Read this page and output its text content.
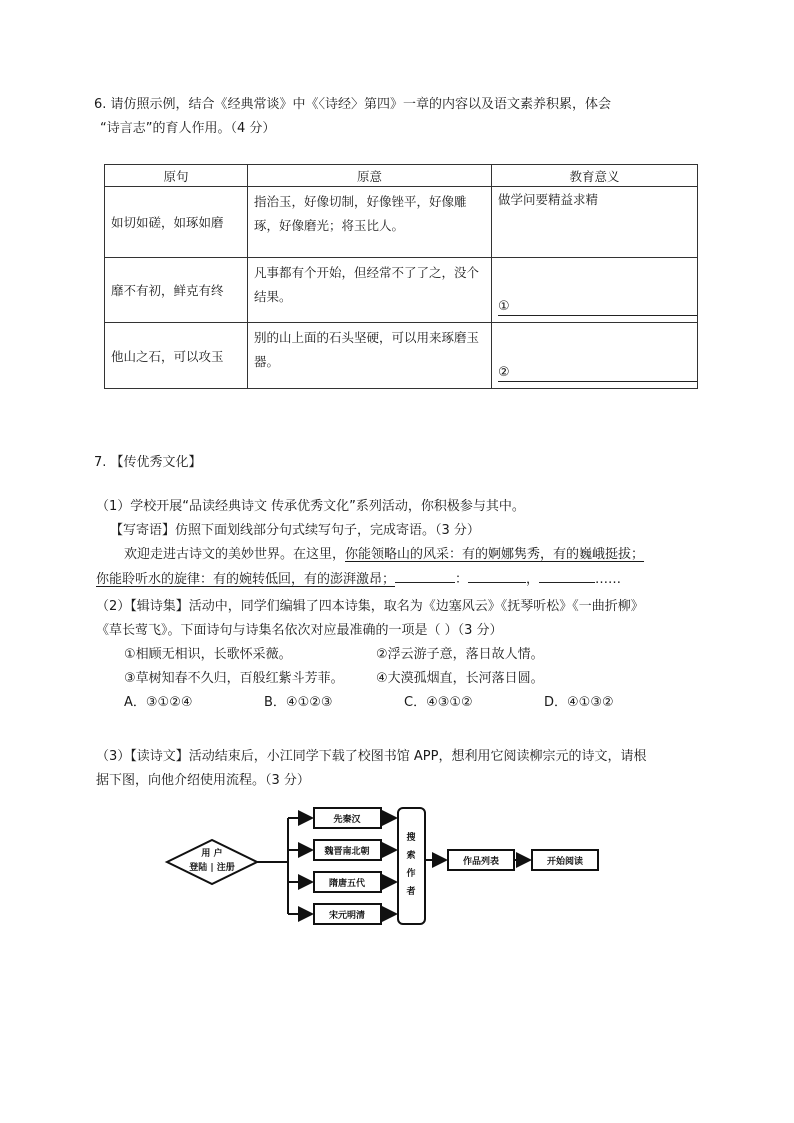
6. 请仿照示例，结合《经典常谈》中《〈诗经〉第四》一章的内容以及语文素养积累，体会
“诗言志”的育人作用。（4 分）
原句	原意	教育意义
如切如磋，如琢如磨	指治玉，好像切制，好像锉平，好像雕琢，好像磨光；将玉比人。	做学问要精益求精
靡不有初，鲜克有终	凡事都有个开始，但经常不了了之，没个结果。	①

他山之石，可以攻玉	别的山上面的石头坚硬，可以用来琢磨玉器。	②
7. 【传优秀文化】
（1）学校开展“品读经典诗文 传承优秀文化”系列活动，你积极参与其中。
【写寄语】仿照下面划线部分句式续写句子，完成寄语。（3 分）
欢迎走进古诗文的美妙世界。在这里，你能领略山的风采：有的婀娜隽秀，有的巍峨挺拔；
你能聆听水的旋律：有的婉转低回，有的澎湃激昂；	：	，	……
（2）【辑诗集】活动中，同学们编辑了四本诗集，取名为《边塞风云》《抚琴听松》《一曲折柳》
《草长莺飞》。下面诗句与诗集名依次对应最准确的一项是（ ）（3 分）
①相顾无相识，长歌怀采薇。	②浮云游子意，落日故人情。
③草树知春不久归，百般红紫斗芳菲。 ④大漠孤烟直，长河落日圆。
A．③①②④	B．④①②③	C．④③①②	D．④①③②
（3）【读诗文】活动结束后，小江同学下载了校图书馆 APP，想利用它阅读柳宗元的诗文，请根
据下图，向他介绍使用流程。（3 分）
用 户
登陆 | 注册
先秦汉
魏晋南北朝
隋唐五代
宋元明清
搜
索
作
者
作品列表	开始阅读
